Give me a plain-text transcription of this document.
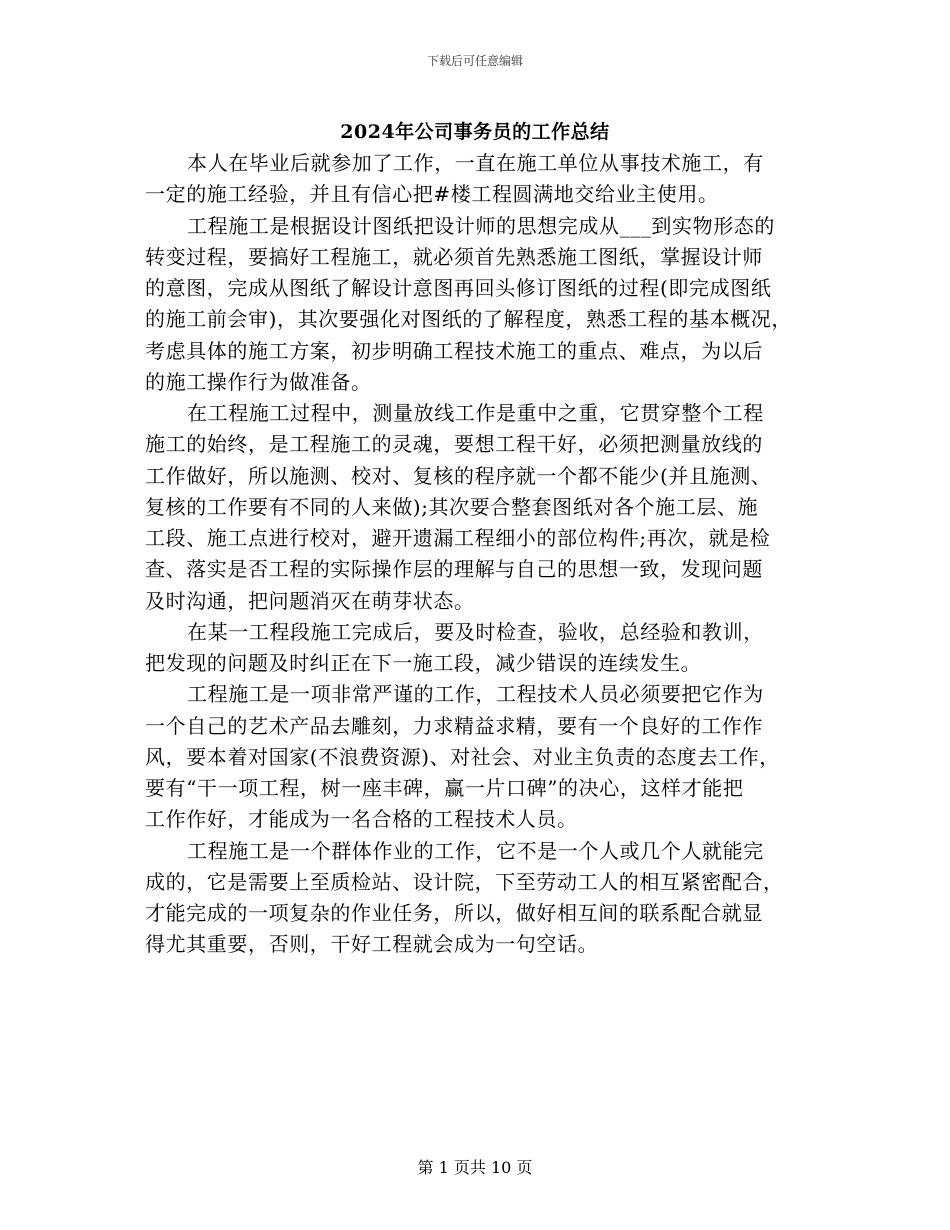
下载后可任意编辑
2024年公司事务员的工作总结
本人在毕业后就参加了工作，一直在施工单位从事技术施工，有
一定的施工经验，并且有信心把#楼工程圆满地交给业主使用。
工程施工是根据设计图纸把设计师的思想完成从___到实物形态的
转变过程，要搞好工程施工，就必须首先熟悉施工图纸，掌握设计师
的意图，完成从图纸了解设计意图再回头修订图纸的过程(即完成图纸
的施工前会审)，其次要强化对图纸的了解程度，熟悉工程的基本概况，
考虑具体的施工方案，初步明确工程技术施工的重点、难点，为以后
的施工操作行为做准备。
在工程施工过程中，测量放线工作是重中之重，它贯穿整个工程
施工的始终，是工程施工的灵魂，要想工程干好，必须把测量放线的
工作做好，所以施测、校对、复核的程序就一个都不能少(并且施测、
复核的工作要有不同的人来做);其次要合整套图纸对各个施工层、施
工段、施工点进行校对，避开遗漏工程细小的部位构件;再次，就是检
查、落实是否工程的实际操作层的理解与自己的思想一致，发现问题
及时沟通，把问题消灭在萌芽状态。
在某一工程段施工完成后，要及时检查，验收，总经验和教训，
把发现的问题及时纠正在下一施工段，减少错误的连续发生。
工程施工是一项非常严谨的工作，工程技术人员必须要把它作为
一个自己的艺术产品去雕刻，力求精益求精，要有一个良好的工作作
风，要本着对国家(不浪费资源)、对社会、对业主负责的态度去工作，
要有“干一项工程，树一座丰碑，赢一片口碑”的决心，这样才能把
工作作好，才能成为一名合格的工程技术人员。
工程施工是一个群体作业的工作，它不是一个人或几个人就能完
成的，它是需要上至质检站、设计院，下至劳动工人的相互紧密配合，
才能完成的一项复杂的作业任务，所以，做好相互间的联系配合就显
得尤其重要，否则，干好工程就会成为一句空话。
第 1 页共 10 页
